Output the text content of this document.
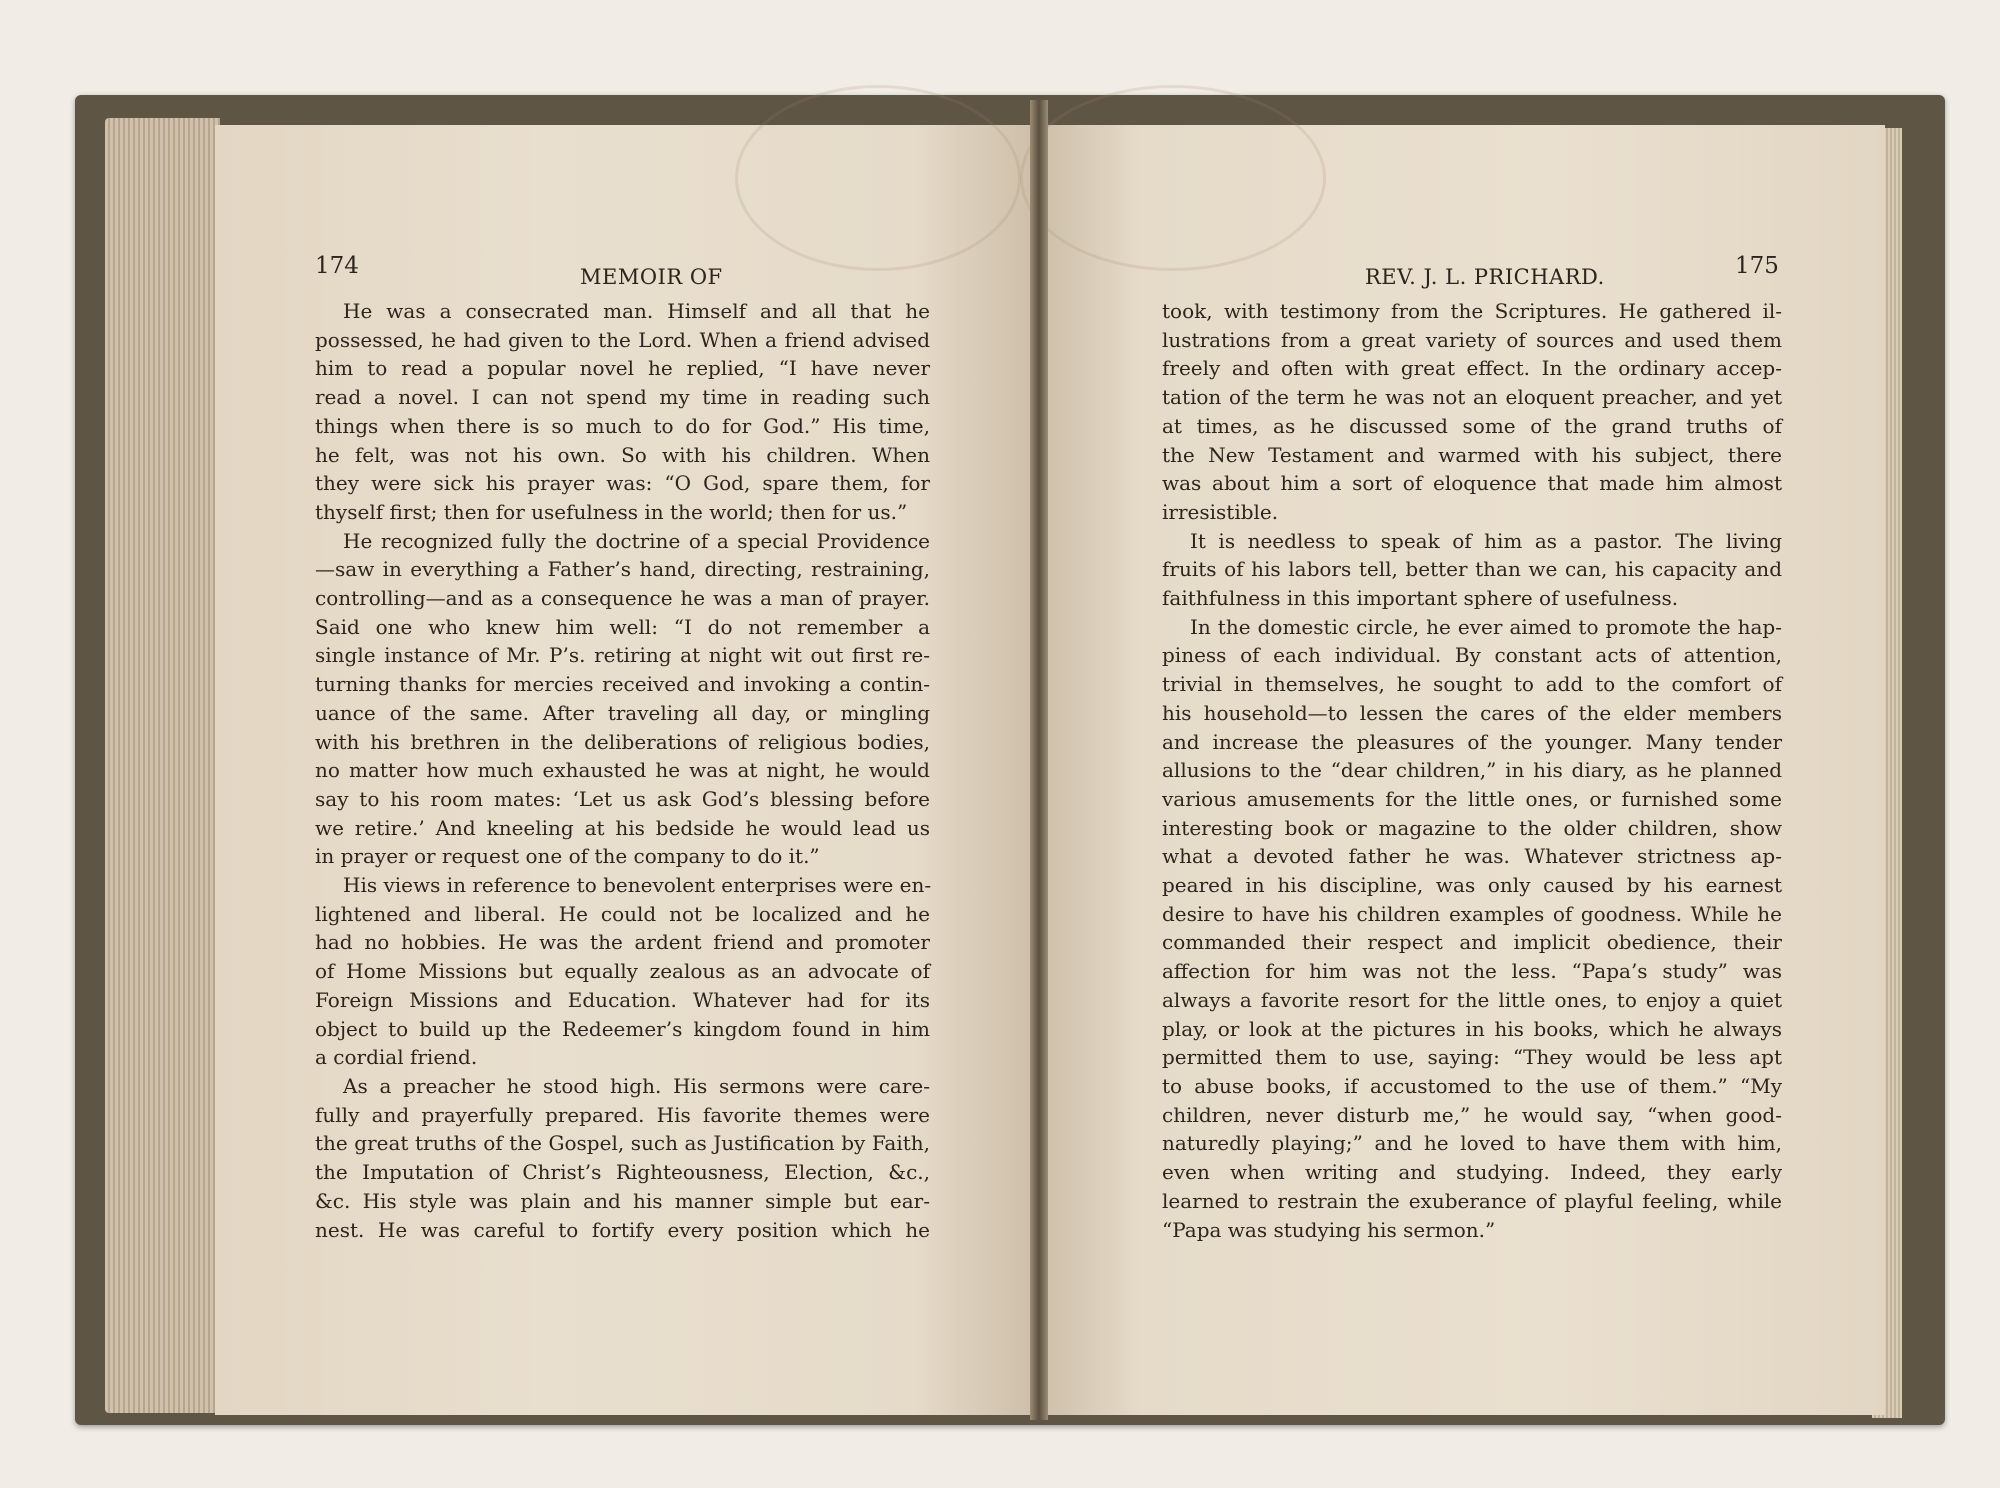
174	MEMOIR OF
He was a consecrated man. Himself and all that he
possessed, he had given to the Lord. When a friend advised
him to read a popular novel he replied, “I have never
read a novel. I can not spend my time in reading such
things when there is so much to do for God.” His time,
he felt, was not his own. So with his children. When
they were sick his prayer was: “O God, spare them, for
thyself first; then for usefulness in the world; then for us.”
He recognized fully the doctrine of a special Providence
—saw in everything a Father’s hand, directing, restraining,
controlling—and as a consequence he was a man of prayer.
Said one who knew him well: “I do not remember a
single instance of Mr. P’s. retiring at night wit out first re-
turning thanks for mercies received and invoking a contin-
uance of the same. After traveling all day, or mingling
with his brethren in the deliberations of religious bodies,
no matter how much exhausted he was at night, he would
say to his room mates: ‘Let us ask God’s blessing before
we retire.’ And kneeling at his bedside he would lead us
in prayer or request one of the company to do it.”
His views in reference to benevolent enterprises were en-
lightened and liberal. He could not be localized and he
had no hobbies. He was the ardent friend and promoter
of Home Missions but equally zealous as an advocate of
Foreign Missions and Education. Whatever had for its
object to build up the Redeemer’s kingdom found in him
a cordial friend.
As a preacher he stood high. His sermons were care-
fully and prayerfully prepared. His favorite themes were
the great truths of the Gospel, such as Justification by Faith,
the Imputation of Christ’s Righteousness, Election, &c.,
&c. His style was plain and his manner simple but ear-
nest. He was careful to fortify every position which he
REV. J. L. PRICHARD.	175
took, with testimony from the Scriptures. He gathered il-
lustrations from a great variety of sources and used them
freely and often with great effect. In the ordinary accep-
tation of the term he was not an eloquent preacher, and yet
at times, as he discussed some of the grand truths of
the New Testament and warmed with his subject, there
was about him a sort of eloquence that made him almost
irresistible.
It is needless to speak of him as a pastor. The living
fruits of his labors tell, better than we can, his capacity and
faithfulness in this important sphere of usefulness.
In the domestic circle, he ever aimed to promote the hap-
piness of each individual. By constant acts of attention,
trivial in themselves, he sought to add to the comfort of
his household—to lessen the cares of the elder members
and increase the pleasures of the younger. Many tender
allusions to the “dear children,” in his diary, as he planned
various amusements for the little ones, or furnished some
interesting book or magazine to the older children, show
what a devoted father he was. Whatever strictness ap-
peared in his discipline, was only caused by his earnest
desire to have his children examples of goodness. While he
commanded their respect and implicit obedience, their
affection for him was not the less. “Papa’s study” was
always a favorite resort for the little ones, to enjoy a quiet
play, or look at the pictures in his books, which he always
permitted them to use, saying: “They would be less apt
to abuse books, if accustomed to the use of them.” “My
children, never disturb me,” he would say, “when good-
naturedly playing;” and he loved to have them with him,
even when writing and studying. Indeed, they early
learned to restrain the exuberance of playful feeling, while
“Papa was studying his sermon.”
